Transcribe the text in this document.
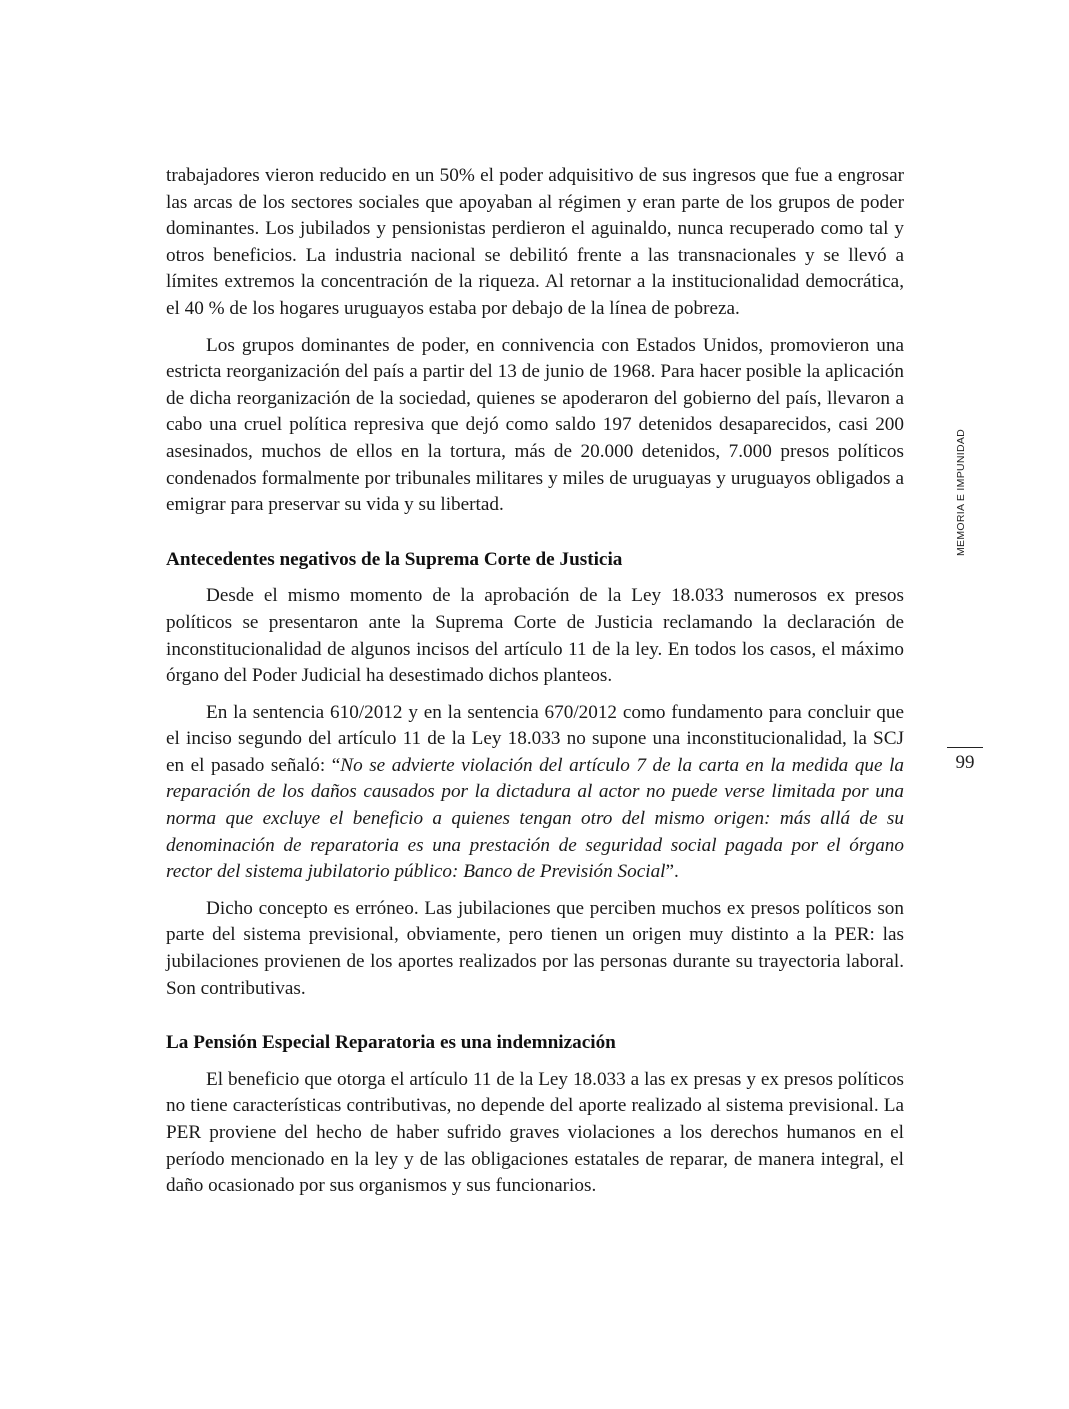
trabajadores vieron reducido en un 50% el poder adquisitivo de sus ingresos que fue a engrosar las arcas de los sectores sociales que apoyaban al régimen y eran parte de los grupos de poder dominantes. Los jubilados y pensionistas perdieron el aguinaldo, nunca recuperado como tal y otros beneficios. La industria nacional se debilitó frente a las transnacionales y se llevó a límites extremos la concentración de la riqueza. Al retornar a la institucionalidad democrática, el 40 % de los hogares uruguayos estaba por debajo de la línea de pobreza.

Los grupos dominantes de poder, en connivencia con Estados Unidos, promovieron una estricta reorganización del país a partir del 13 de junio de 1968. Para hacer posible la aplicación de dicha reorganización de la sociedad, quienes se apoderaron del gobierno del país, llevaron a cabo una cruel política represiva que dejó como saldo 197 detenidos desaparecidos, casi 200 asesinados, muchos de ellos en la tortura, más de 20.000 detenidos, 7.000 presos políticos condenados formalmente por tribunales militares y miles de uruguayas y uruguayos obligados a emigrar para preservar su vida y su libertad.

Antecedentes negativos de la Suprema Corte de Justicia

Desde el mismo momento de la aprobación de la Ley 18.033 numerosos ex presos políticos se presentaron ante la Suprema Corte de Justicia reclamando la declaración de inconstitucionalidad de algunos incisos del artículo 11 de la ley. En todos los casos, el máximo órgano del Poder Judicial ha desestimado dichos planteos.

En la sentencia 610/2012 y en la sentencia 670/2012 como fundamento para concluir que el inciso segundo del artículo 11 de la Ley 18.033 no supone una inconstitucionalidad, la SCJ en el pasado señaló: “No se advierte violación del artículo 7 de la carta en la medida que la reparación de los daños causados por la dictadura al actor no puede verse limitada por una norma que excluye el beneficio a quienes tengan otro del mismo origen: más allá de su denominación de reparatoria es una prestación de seguridad social pagada por el órgano rector del sistema jubilatorio público: Banco de Previsión Social”.

Dicho concepto es erróneo. Las jubilaciones que perciben muchos ex presos políticos son parte del sistema previsional, obviamente, pero tienen un origen muy distinto a la PER: las jubilaciones provienen de los aportes realizados por las personas durante su trayectoria laboral. Son contributivas.

La Pensión Especial Reparatoria es una indemnización

El beneficio que otorga el artículo 11 de la Ley 18.033 a las ex presas y ex presos políticos no tiene características contributivas, no depende del aporte realizado al sistema previsional. La PER proviene del hecho de haber sufrido graves violaciones a los derechos humanos en el período mencionado en la ley y de las obligaciones estatales de reparar, de manera integral, el daño ocasionado por sus organismos y sus funcionarios.

MEMORIA E IMPUNIDAD
99
